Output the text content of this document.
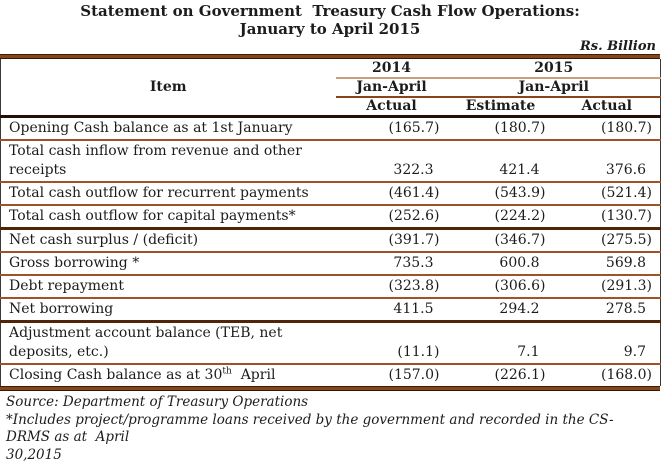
Statement on Government  Treasury Cash Flow Operations:
January to April 2015
Rs. Billion
Item	2014	2015	
	Jan-April	Jan-April	
	Actual	Estimate	Actual
Opening Cash balance as at 1st January	(165.7)	(180.7)	(180.7)
Total cash inflow from revenue and other receipts	322.3	421.4	376.6
Total cash outflow for recurrent payments	(461.4)	(543.9)	(521.4)
Total cash outflow for capital payments*	(252.6)	(224.2)	(130.7)
Net cash surplus / (deficit)	(391.7)	(346.7)	(275.5)
Gross borrowing *	735.3	600.8	569.8
Debt repayment	(323.8)	(306.6)	(291.3)
Net borrowing	411.5	294.2	278.5
Adjustment account balance (TEB, net deposits, etc.)	(11.1)	7.1	9.7
Closing Cash balance as at 30th  April	(157.0)	(226.1)	(168.0)
Source: Department of Treasury Operations
*Includes project/programme loans received by the government and recorded in the CS-DRMS as at  April
30,2015
